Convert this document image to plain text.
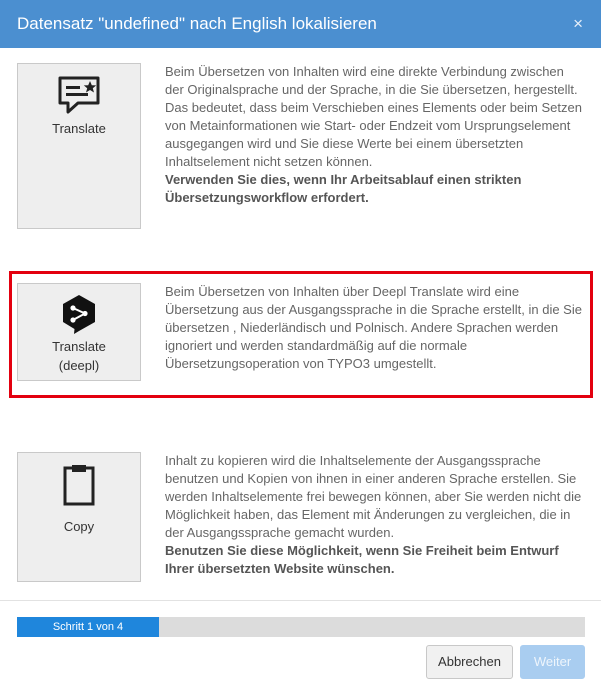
Datensatz "undefined" nach English lokalisieren	×
Translate

Beim Übersetzen von Inhalten wird eine direkte Verbindung zwischen der Originalsprache und der Sprache, in die Sie übersetzen, hergestellt.

Das bedeutet, dass beim Verschieben eines Elements oder beim Setzen von Metainformationen wie Start- oder Endzeit vom Ursprungselement ausgegangen wird und Sie diese Werte bei einem übersetzten Inhaltselement nicht setzen können.

Verwenden Sie dies, wenn Ihr Arbeitsablauf einen strikten Übersetzungsworkflow erfordert.

Translate
(deepl)

Beim Übersetzen von Inhalten über Deepl Translate wird eine Übersetzung aus der Ausgangssprache in die Sprache erstellt, in die Sie übersetzen , Niederländisch und Polnisch. Andere Sprachen werden ignoriert und werden standardmäßig auf die normale Übersetzungsoperation von TYPO3 umgestellt.

Copy

Inhalt zu kopieren wird die Inhaltselemente der Ausgangssprache benutzen und Kopien von ihnen in einer anderen Sprache erstellen. Sie werden Inhaltselemente frei bewegen können, aber Sie werden nicht die Möglichkeit haben, das Element mit Änderungen zu vergleichen, die in der Ausgangssprache gemacht wurden.

Benutzen Sie diese Möglichkeit, wenn Sie Freiheit beim Entwurf Ihrer übersetzten Website wünschen.

Schritt 1 von 4
Abbrechen	Weiter
